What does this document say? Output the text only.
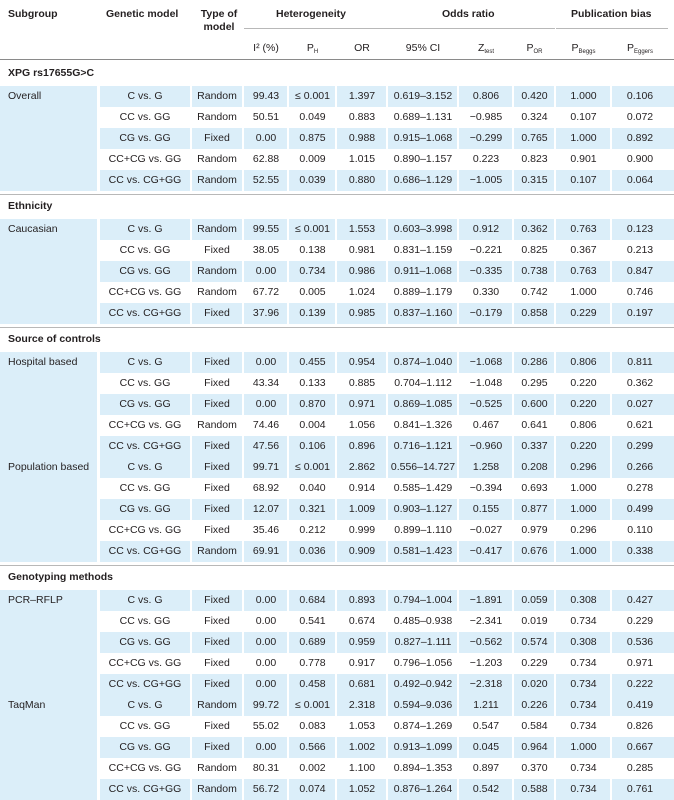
Subgroup	Genetic model	Type of model
Heterogeneity	Odds ratio	Publication bias
I² (%)	$P_H$	OR	95% CI	$Z_{test}$	$P_{OR}$	$P_{Beggs}$	$P_{Eggers}$
XPG rs17655G>C
Overall	C vs. G	Random	99.43	≤ 0.001	1.397	0.619–3.152	0.806	0.420	1.000	0.106
CC vs. GG	Random	50.51	0.049	0.883	0.689–1.131	−0.985	0.324	0.107	0.072
CG vs. GG	Fixed	0.00	0.875	0.988	0.915–1.068	−0.299	0.765	1.000	0.892
CC+CG vs. GG	Random	62.88	0.009	1.015	0.890–1.157	0.223	0.823	0.901	0.900
CC vs. CG+GG	Random	52.55	0.039	0.880	0.686–1.129	−1.005	0.315	0.107	0.064
Ethnicity
Caucasian	C vs. G	Random	99.55	≤ 0.001	1.553	0.603–3.998	0.912	0.362	0.763	0.123
CC vs. GG	Fixed	38.05	0.138	0.981	0.831–1.159	−0.221	0.825	0.367	0.213
CG vs. GG	Random	0.00	0.734	0.986	0.911–1.068	−0.335	0.738	0.763	0.847
CC+CG vs. GG	Random	67.72	0.005	1.024	0.889–1.179	0.330	0.742	1.000	0.746
CC vs. CG+GG	Fixed	37.96	0.139	0.985	0.837–1.160	−0.179	0.858	0.229	0.197
Source of controls
Hospital based	C vs. G	Fixed	0.00	0.455	0.954	0.874–1.040	−1.068	0.286	0.806	0.811
CC vs. GG	Fixed	43.34	0.133	0.885	0.704–1.112	−1.048	0.295	0.220	0.362
CG vs. GG	Fixed	0.00	0.870	0.971	0.869–1.085	−0.525	0.600	0.220	0.027
CC+CG vs. GG	Random	74.46	0.004	1.056	0.841–1.326	0.467	0.641	0.806	0.621
CC vs. CG+GG	Fixed	47.56	0.106	0.896	0.716–1.121	−0.960	0.337	0.220	0.299
Population based	C vs. G	Fixed	99.71	≤ 0.001	2.862	0.556–14.727	1.258	0.208	0.296	0.266
CC vs. GG	Fixed	68.92	0.040	0.914	0.585–1.429	−0.394	0.693	1.000	0.278
CG vs. GG	Fixed	12.07	0.321	1.009	0.903–1.127	0.155	0.877	1.000	0.499
CC+CG vs. GG	Fixed	35.46	0.212	0.999	0.899–1.110	−0.027	0.979	0.296	0.110
CC vs. CG+GG	Random	69.91	0.036	0.909	0.581–1.423	−0.417	0.676	1.000	0.338
Genotyping methods
PCR–RFLP	C vs. G	Fixed	0.00	0.684	0.893	0.794–1.004	−1.891	0.059	0.308	0.427
CC vs. GG	Fixed	0.00	0.541	0.674	0.485–0.938	−2.341	0.019	0.734	0.229
CG vs. GG	Fixed	0.00	0.689	0.959	0.827–1.111	−0.562	0.574	0.308	0.536
CC+CG vs. GG	Fixed	0.00	0.778	0.917	0.796–1.056	−1.203	0.229	0.734	0.971
CC vs. CG+GG	Fixed	0.00	0.458	0.681	0.492–0.942	−2.318	0.020	0.734	0.222
TaqMan	C vs. G	Random	99.72	≤ 0.001	2.318	0.594–9.036	1.211	0.226	0.734	0.419
CC vs. GG	Fixed	55.02	0.083	1.053	0.874–1.269	0.547	0.584	0.734	0.826
CG vs. GG	Fixed	0.00	0.566	1.002	0.913–1.099	0.045	0.964	1.000	0.667
CC+CG vs. GG	Random	80.31	0.002	1.100	0.894–1.353	0.897	0.370	0.734	0.285
CC vs. CG+GG	Random	56.72	0.074	1.052	0.876–1.264	0.542	0.588	0.734	0.761
